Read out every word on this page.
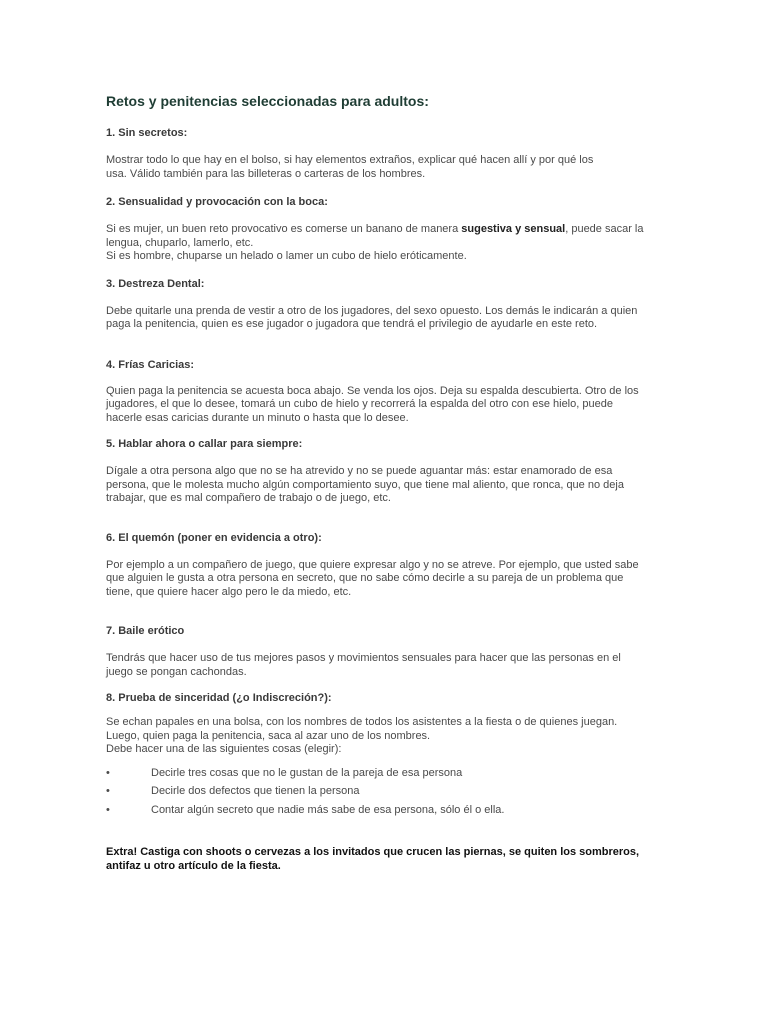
Retos y penitencias seleccionadas para adultos:
1. Sin secretos:

Mostrar todo lo que hay en el bolso, si hay elementos extraños, explicar qué hacen allí y por qué los
usa. Válido también para las billeteras o carteras de los hombres.

2. Sensualidad y provocación con la boca:

Si es mujer, un buen reto provocativo es comerse un banano de manera sugestiva y sensual, puede sacar la
lengua, chuparlo, lamerlo, etc.
Si es hombre, chuparse un helado o lamer un cubo de hielo eróticamente.

3. Destreza Dental:

Debe quitarle una prenda de vestir a otro de los jugadores, del sexo opuesto. Los demás le indicarán a quien
paga la penitencia, quien es ese jugador o jugadora que tendrá el privilegio de ayudarle en este reto.

4. Frías Caricias:

Quien paga la penitencia se acuesta boca abajo. Se venda los ojos. Deja su espalda descubierta. Otro de los
jugadores, el que lo desee, tomará un cubo de hielo y recorrerá la espalda del otro con ese hielo, puede
hacerle esas caricias durante un minuto o hasta que lo desee.

5. Hablar ahora o callar para siempre:

Dígale a otra persona algo que no se ha atrevido y no se puede aguantar más: estar enamorado de esa
persona, que le molesta mucho algún comportamiento suyo, que tiene mal aliento, que ronca, que no deja
trabajar, que es mal compañero de trabajo o de juego, etc.

6. El quemón (poner en evidencia a otro):

Por ejemplo a un compañero de juego, que quiere expresar algo y no se atreve. Por ejemplo, que usted sabe
que alguien le gusta a otra persona en secreto, que no sabe cómo decirle a su pareja de un problema que
tiene, que quiere hacer algo pero le da miedo, etc.

7. Baile erótico

Tendrás que hacer uso de tus mejores pasos y movimientos sensuales para hacer que las personas en el
juego se pongan cachondas.

8. Prueba de sinceridad (¿o Indiscreción?):

Se echan papales en una bolsa, con los nombres de todos los asistentes a la fiesta o de quienes juegan.
Luego, quien paga la penitencia, saca al azar uno de los nombres.
Debe hacer una de las siguientes cosas (elegir):

•	Decirle tres cosas que no le gustan de la pareja de esa persona
•	Decirle dos defectos que tienen la persona
•	Contar algún secreto que nadie más sabe de esa persona, sólo él o ella.

Extra! Castiga con shoots o cervezas a los invitados que crucen las piernas, se quiten los sombreros,
antifaz u otro artículo de la fiesta.
